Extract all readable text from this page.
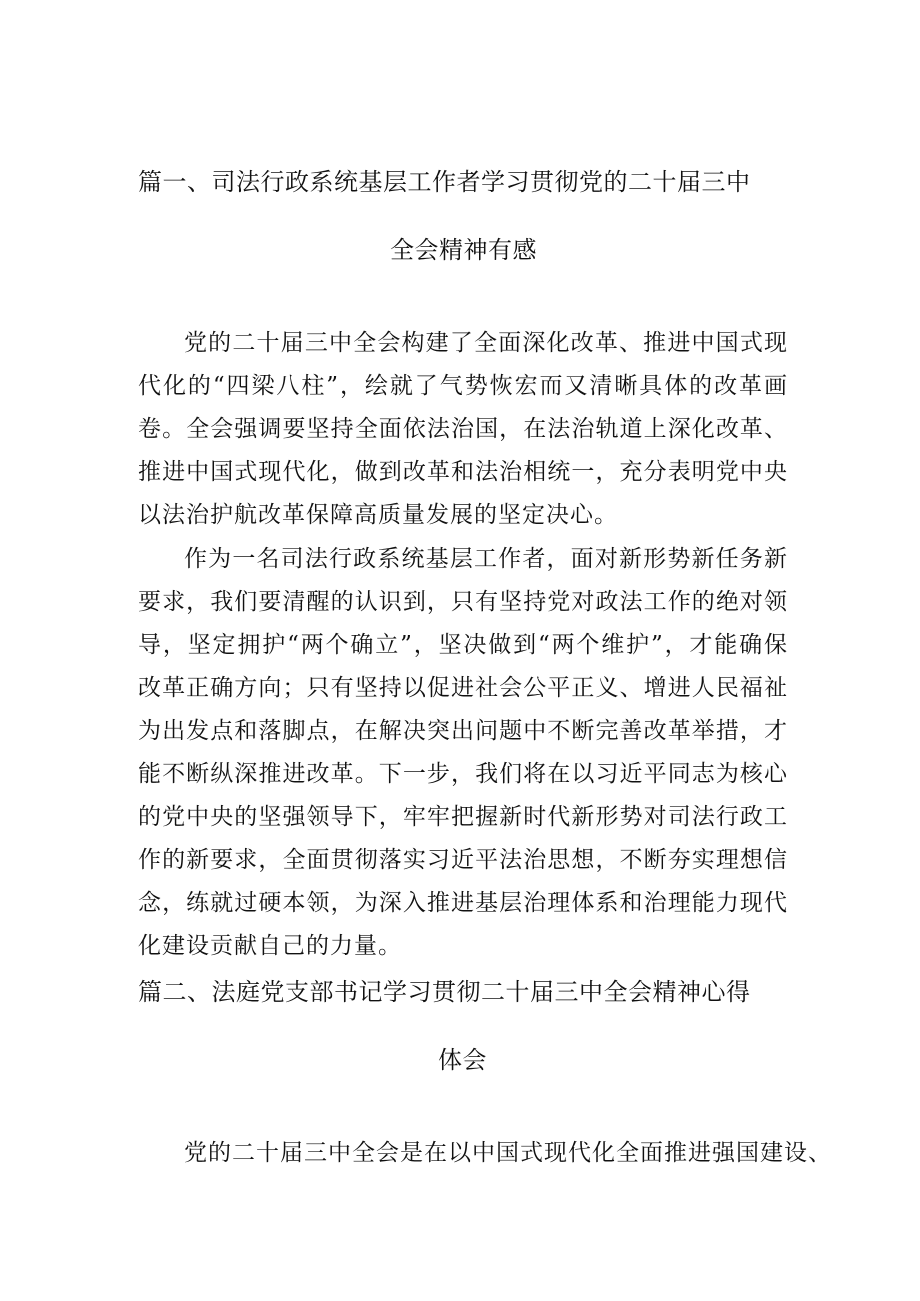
篇一、司法行政系统基层工作者学习贯彻党的二十届三中
全会精神有感

党的二十届三中全会构建了全面深化改革、推进中国式现代化的“四梁八柱”，绘就了气势恢宏而又清晰具体的改革画卷。全会强调要坚持全面依法治国，在法治轨道上深化改革、推进中国式现代化，做到改革和法治相统一，充分表明党中央以法治护航改革保障高质量发展的坚定决心。

作为一名司法行政系统基层工作者，面对新形势新任务新要求，我们要清醒的认识到，只有坚持党对政法工作的绝对领导，坚定拥护“两个确立”，坚决做到“两个维护”，才能确保改革正确方向；只有坚持以促进社会公平正义、增进人民福祉为出发点和落脚点，在解决突出问题中不断完善改革举措，才能不断纵深推进改革。下一步，我们将在以习近平同志为核心的党中央的坚强领导下，牢牢把握新时代新形势对司法行政工作的新要求，全面贯彻落实习近平法治思想，不断夯实理想信念，练就过硬本领，为深入推进基层治理体系和治理能力现代化建设贡献自己的力量。

篇二、法庭党支部书记学习贯彻二十届三中全会精神心得
体会

党的二十届三中全会是在以中国式现代化全面推进强国建设、
